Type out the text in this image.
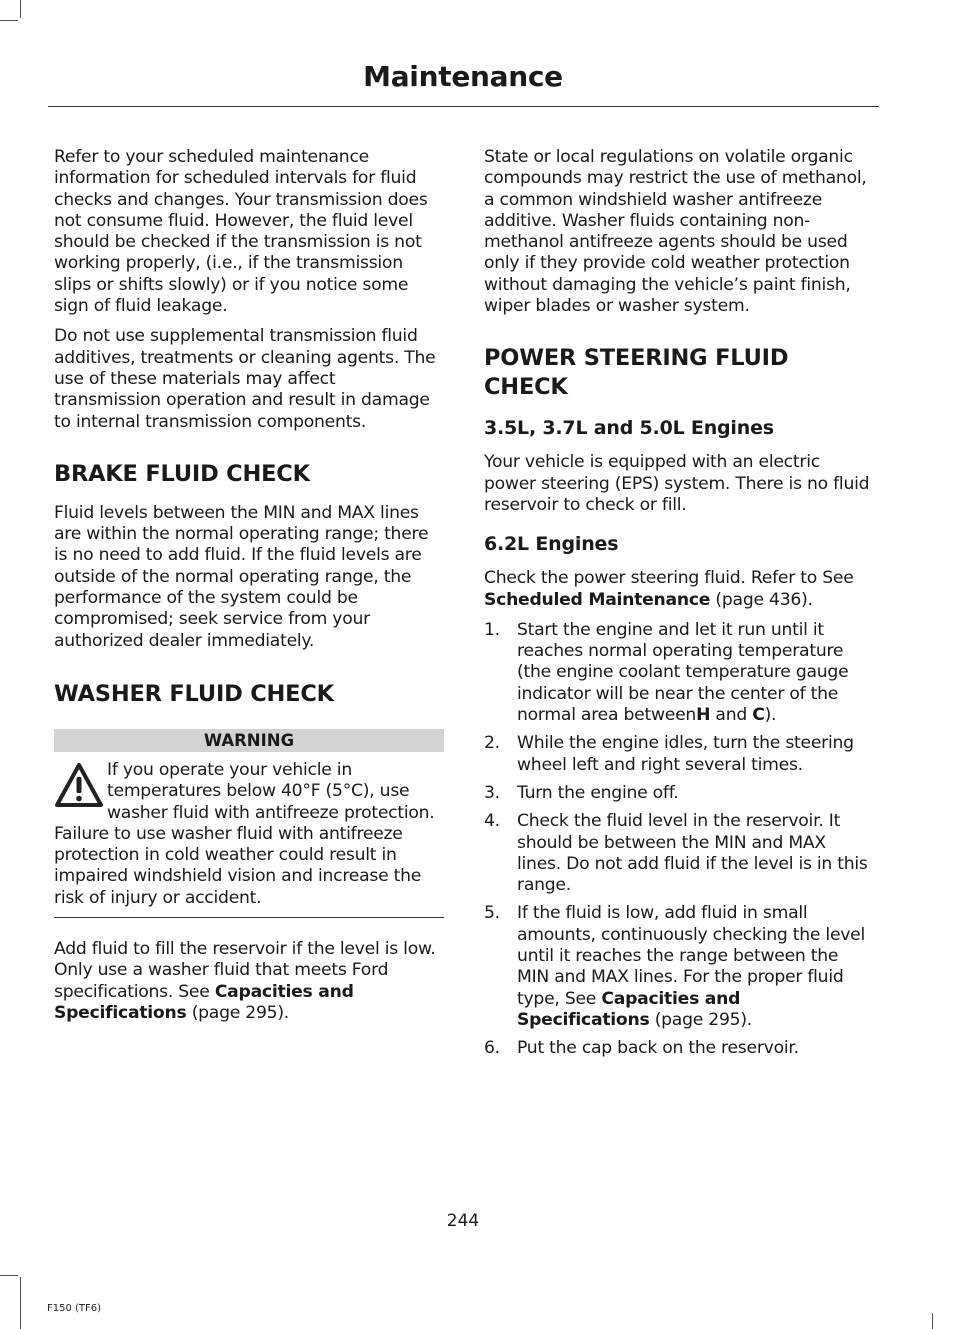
Maintenance

Refer to your scheduled maintenance information for scheduled intervals for fluid checks and changes. Your transmission does not consume fluid. However, the fluid level should be checked if the transmission is not working properly, (i.e., if the transmission slips or shifts slowly) or if you notice some sign of fluid leakage.

Do not use supplemental transmission fluid additives, treatments or cleaning agents. The use of these materials may affect transmission operation and result in damage to internal transmission components.

BRAKE FLUID CHECK

Fluid levels between the MIN and MAX lines are within the normal operating range; there is no need to add fluid. If the fluid levels are outside of the normal operating range, the performance of the system could be compromised; seek service from your authorized dealer immediately.

WASHER FLUID CHECK
WARNING
If you operate your vehicle in temperatures below 40°F (5°C), use washer fluid with antifreeze protection. Failure to use washer fluid with antifreeze protection in cold weather could result in impaired windshield vision and increase the risk of injury or accident.

Add fluid to fill the reservoir if the level is low. Only use a washer fluid that meets Ford specifications. See Capacities and Specifications (page 295).

State or local regulations on volatile organic compounds may restrict the use of methanol, a common windshield washer antifreeze additive. Washer fluids containing non-methanol antifreeze agents should be used only if they provide cold weather protection without damaging the vehicle’s paint finish, wiper blades or washer system.

POWER STEERING FLUID CHECK
3.5L, 3.7L and 5.0L Engines

Your vehicle is equipped with an electric power steering (EPS) system. There is no fluid reservoir to check or fill.

6.2L Engines

Check the power steering fluid. Refer to See Scheduled Maintenance (page 436).

1. Start the engine and let it run until it reaches normal operating temperature (the engine coolant temperature gauge indicator will be near the center of the normal area betweenH and C).
2. While the engine idles, turn the steering wheel left and right several times.
3. Turn the engine off.
4. Check the fluid level in the reservoir. It should be between the MIN and MAX lines. Do not add fluid if the level is in this range.
5. If the fluid is low, add fluid in small amounts, continuously checking the level until it reaches the range between the MIN and MAX lines. For the proper fluid type, See Capacities and Specifications (page 295).
6. Put the cap back on the reservoir.
244
F150 (TF6)
